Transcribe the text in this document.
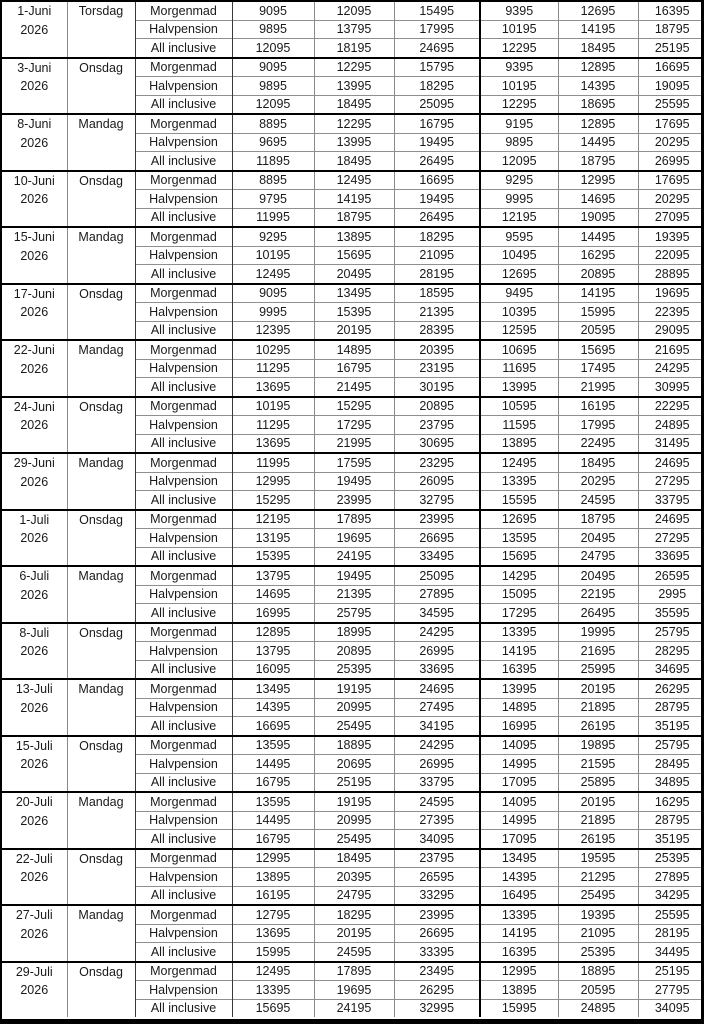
1-Juni
2026	Torsdag	Morgenmad	9095	12095	15495	9395	12695	16395
		Halvpension	9895	13795	17995	10195	14195	18795
		All inclusive	12095	18195	24695	12295	18495	25195

3-Juni
2026	Onsdag	Morgenmad	9095	12295	15795	9395	12895	16695
		Halvpension	9895	13995	18295	10195	14395	19095
		All inclusive	12095	18495	25095	12295	18695	25595

8-Juni
2026	Mandag	Morgenmad	8895	12295	16795	9195	12895	17695
		Halvpension	9695	13995	19495	9895	14495	20295
		All inclusive	11895	18495	26495	12095	18795	26995

10-Juni
2026	Onsdag	Morgenmad	8895	12495	16695	9295	12995	17695
		Halvpension	9795	14195	19495	9995	14695	20295
		All inclusive	11995	18795	26495	12195	19095	27095

15-Juni
2026	Mandag	Morgenmad	9295	13895	18295	9595	14495	19395
		Halvpension	10195	15695	21095	10495	16295	22095
		All inclusive	12495	20495	28195	12695	20895	28895

17-Juni
2026	Onsdag	Morgenmad	9095	13495	18595	9495	14195	19695
		Halvpension	9995	15395	21395	10395	15995	22395
		All inclusive	12395	20195	28395	12595	20595	29095

22-Juni
2026	Mandag	Morgenmad	10295	14895	20395	10695	15695	21695
		Halvpension	11295	16795	23195	11695	17495	24295
		All inclusive	13695	21495	30195	13995	21995	30995

24-Juni
2026	Onsdag	Morgenmad	10195	15295	20895	10595	16195	22295
		Halvpension	11295	17295	23795	11595	17995	24895
		All inclusive	13695	21995	30695	13895	22495	31495

29-Juni
2026	Mandag	Morgenmad	11995	17595	23295	12495	18495	24695
		Halvpension	12995	19495	26095	13395	20295	27295
		All inclusive	15295	23995	32795	15595	24595	33795

1-Juli
2026	Onsdag	Morgenmad	12195	17895	23995	12695	18795	24695
		Halvpension	13195	19695	26695	13595	20495	27295
		All inclusive	15395	24195	33495	15695	24795	33695

6-Juli
2026	Mandag	Morgenmad	13795	19495	25095	14295	20495	26595
		Halvpension	14695	21395	27895	15095	22195	2995
		All inclusive	16995	25795	34595	17295	26495	35595

8-Juli
2026	Onsdag	Morgenmad	12895	18995	24295	13395	19995	25795
		Halvpension	13795	20895	26995	14195	21695	28295
		All inclusive	16095	25395	33695	16395	25995	34695

13-Juli
2026	Mandag	Morgenmad	13495	19195	24695	13995	20195	26295
		Halvpension	14395	20995	27495	14895	21895	28795
		All inclusive	16695	25495	34195	16995	26195	35195

15-Juli
2026	Onsdag	Morgenmad	13595	18895	24295	14095	19895	25795
		Halvpension	14495	20695	26995	14995	21595	28495
		All inclusive	16795	25195	33795	17095	25895	34895

20-Juli
2026	Mandag	Morgenmad	13595	19195	24595	14095	20195	16295
		Halvpension	14495	20995	27395	14995	21895	28795
		All inclusive	16795	25495	34095	17095	26195	35195

22-Juli
2026	Onsdag	Morgenmad	12995	18495	23795	13495	19595	25395
		Halvpension	13895	20395	26595	14395	21295	27895
		All inclusive	16195	24795	33295	16495	25495	34295

27-Juli
2026	Mandag	Morgenmad	12795	18295	23995	13395	19395	25595
		Halvpension	13695	20195	26695	14195	21095	28195
		All inclusive	15995	24595	33395	16395	25395	34495

29-Juli
2026	Onsdag	Morgenmad	12495	17895	23495	12995	18895	25195
		Halvpension	13395	19695	26295	13895	20595	27795
		All inclusive	15695	24195	32995	15995	24895	34095
